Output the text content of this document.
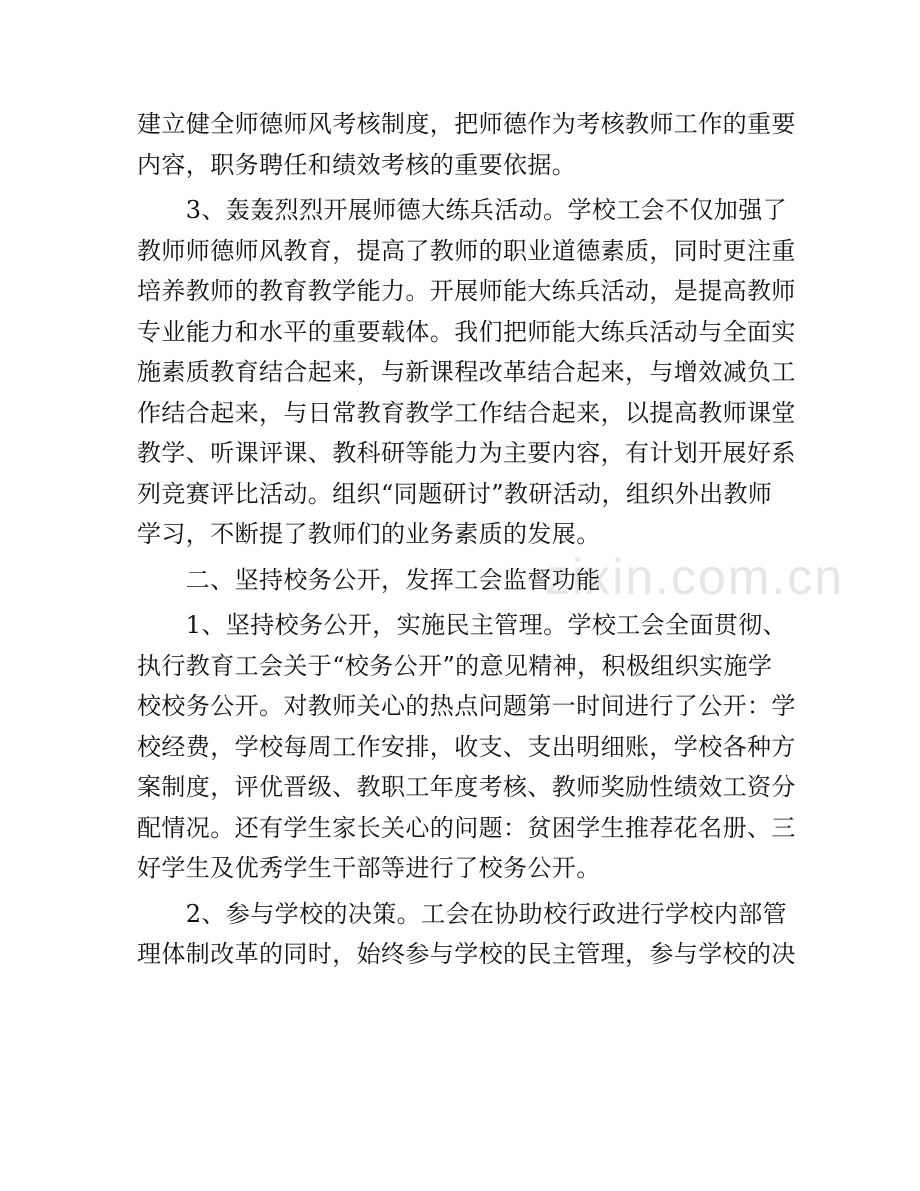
zixin.com.cn
建立健全师德师风考核制度，把师德作为考核教师工作的重要
内容，职务聘任和绩效考核的重要依据。
　　3、轰轰烈烈开展师德大练兵活动。学校工会不仅加强了
教师师德师风教育，提高了教师的职业道德素质，同时更注重
培养教师的教育教学能力。开展师能大练兵活动，是提高教师
专业能力和水平的重要载体。我们把师能大练兵活动与全面实
施素质教育结合起来，与新课程改革结合起来，与增效减负工
作结合起来，与日常教育教学工作结合起来，以提高教师课堂
教学、听课评课、教科研等能力为主要内容，有计划开展好系
列竞赛评比活动。组织“同题研讨”教研活动，组织外出教师
学习，不断提了教师们的业务素质的发展。
　　二、坚持校务公开，发挥工会监督功能
　　1、坚持校务公开，实施民主管理。学校工会全面贯彻、
执行教育工会关于“校务公开”的意见精神，积极组织实施学
校校务公开。对教师关心的热点问题第一时间进行了公开：学
校经费，学校每周工作安排，收支、支出明细账，学校各种方
案制度，评优晋级、教职工年度考核、教师奖励性绩效工资分
配情况。还有学生家长关心的问题：贫困学生推荐花名册、三
好学生及优秀学生干部等进行了校务公开。
　　2、参与学校的决策。工会在协助校行政进行学校内部管
理体制改革的同时，始终参与学校的民主管理，参与学校的决
